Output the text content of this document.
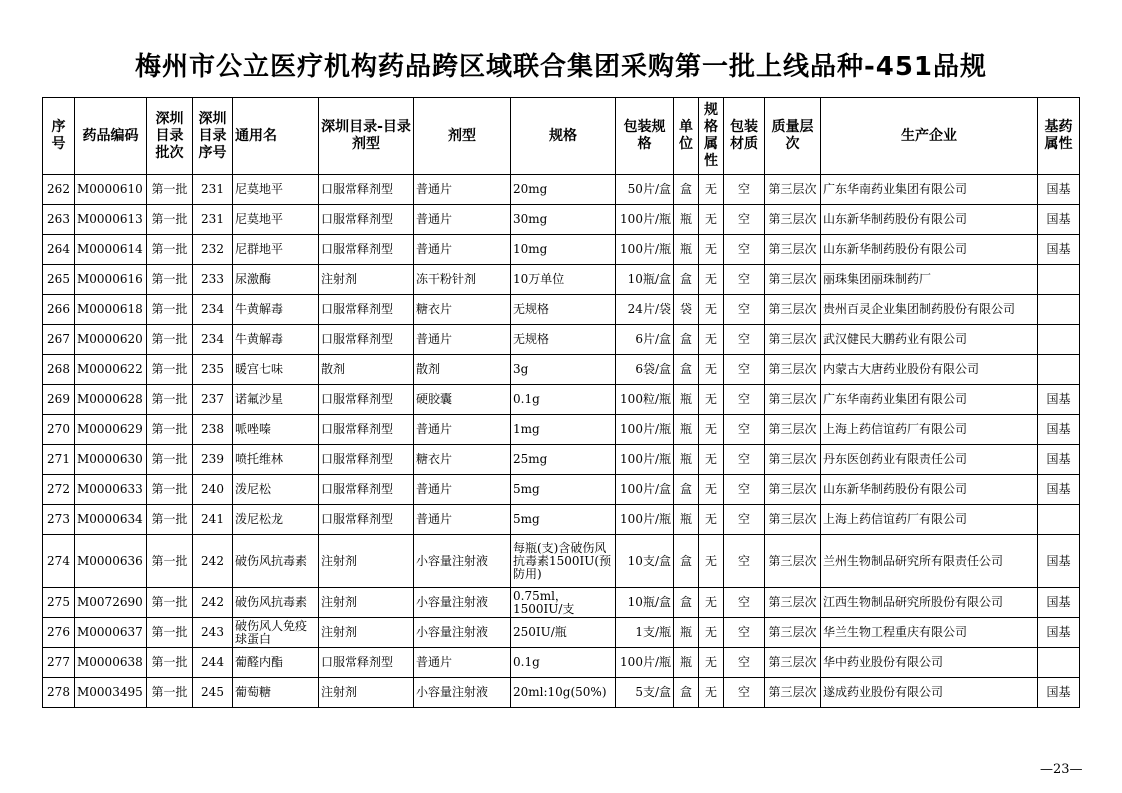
梅州市公立医疗机构药品跨区域联合集团采购第一批上线品种-451品规
序号	药品编码	深圳目录批次	深圳目录序号	通用名	深圳目录-目录剂型	剂型	规格	包装规格	单位	规格属性	包装材质	质量层次	生产企业	基药属性
262	M0000610	第一批	231	尼莫地平	口服常释剂型	普通片	20mg	50片/盒	盒	无	空	第三层次	广东华南药业集团有限公司	国基
263	M0000613	第一批	231	尼莫地平	口服常释剂型	普通片	30mg	100片/瓶	瓶	无	空	第三层次	山东新华制药股份有限公司	国基
264	M0000614	第一批	232	尼群地平	口服常释剂型	普通片	10mg	100片/瓶	瓶	无	空	第三层次	山东新华制药股份有限公司	国基
265	M0000616	第一批	233	尿激酶	注射剂	冻干粉针剂	10万单位	10瓶/盒	盒	无	空	第三层次	丽珠集团丽珠制药厂	
266	M0000618	第一批	234	牛黄解毒	口服常释剂型	糖衣片	无规格	24片/袋	袋	无	空	第三层次	贵州百灵企业集团制药股份有限公司	
267	M0000620	第一批	234	牛黄解毒	口服常释剂型	普通片	无规格	6片/盒	盒	无	空	第三层次	武汉健民大鹏药业有限公司	
268	M0000622	第一批	235	暖宫七味	散剂	散剂	3g	6袋/盒	盒	无	空	第三层次	内蒙古大唐药业股份有限公司	
269	M0000628	第一批	237	诺氟沙星	口服常释剂型	硬胶囊	0.1g	100粒/瓶	瓶	无	空	第三层次	广东华南药业集团有限公司	国基
270	M0000629	第一批	238	哌唑嗪	口服常释剂型	普通片	1mg	100片/瓶	瓶	无	空	第三层次	上海上药信谊药厂有限公司	国基
271	M0000630	第一批	239	喷托维林	口服常释剂型	糖衣片	25mg	100片/瓶	瓶	无	空	第三层次	丹东医创药业有限责任公司	国基
272	M0000633	第一批	240	泼尼松	口服常释剂型	普通片	5mg	100片/盒	盒	无	空	第三层次	山东新华制药股份有限公司	国基
273	M0000634	第一批	241	泼尼松龙	口服常释剂型	普通片	5mg	100片/瓶	瓶	无	空	第三层次	上海上药信谊药厂有限公司	
274	M0000636	第一批	242	破伤风抗毒素	注射剂	小容量注射液	每瓶(支)含破伤风抗毒素1500IU(预防用)	10支/盒	盒	无	空	第三层次	兰州生物制品研究所有限责任公司	国基
275	M0072690	第一批	242	破伤风抗毒素	注射剂	小容量注射液	0.75ml，1500IU/支	10瓶/盒	盒	无	空	第三层次	江西生物制品研究所股份有限公司	国基
276	M0000637	第一批	243	破伤风人免疫球蛋白	注射剂	小容量注射液	250IU/瓶	1支/瓶	瓶	无	空	第三层次	华兰生物工程重庆有限公司	国基
277	M0000638	第一批	244	葡醛内酯	口服常释剂型	普通片	0.1g	100片/瓶	瓶	无	空	第三层次	华中药业股份有限公司	
278	M0003495	第一批	245	葡萄糖	注射剂	小容量注射液	20ml:10g(50%)	5支/盒	盒	无	空	第三层次	遂成药业股份有限公司	国基
—23—
